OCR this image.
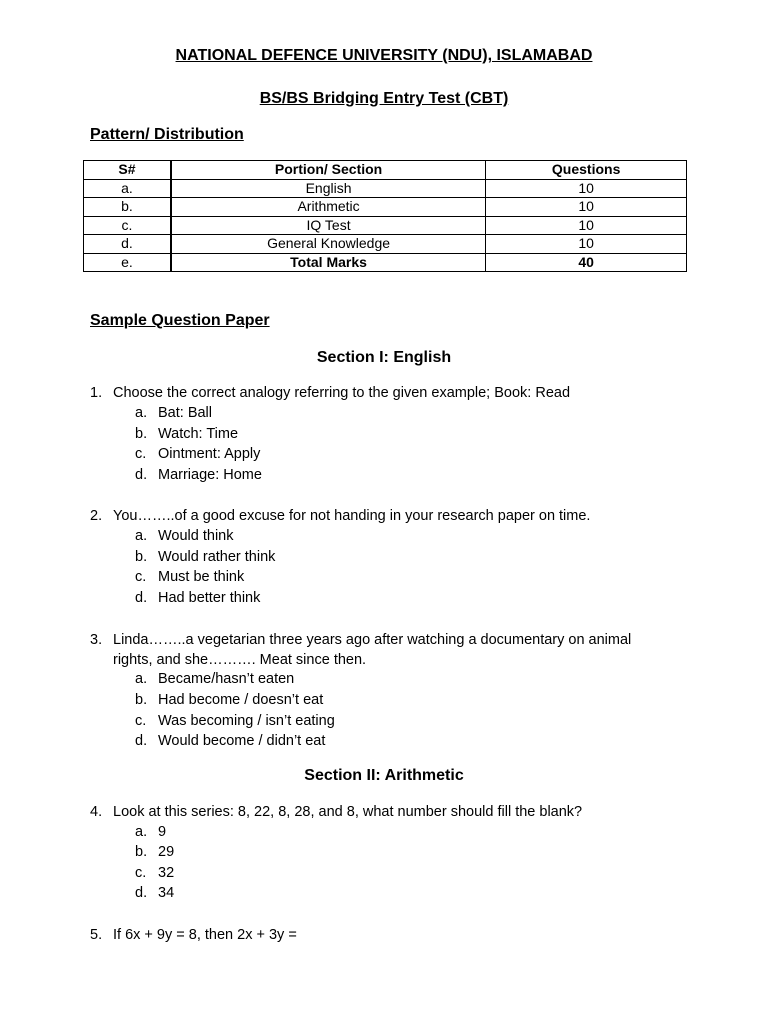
NATIONAL DEFENCE UNIVERSITY (NDU), ISLAMABAD
BS/BS Bridging Entry Test (CBT)
Pattern/ Distribution
S#	Portion/ Section	Questions
a.	English	10
b.	Arithmetic	10
c.	IQ Test	10
d.	General Knowledge	10
e.	Total Marks	40
Sample Question Paper
Section I: English
1. Choose the correct analogy referring to the given example; Book: Read
a. Bat: Ball
b. Watch: Time
c. Ointment: Apply
d. Marriage: Home
2. You……..of a good excuse for not handing in your research paper on time.
a. Would think
b. Would rather think
c. Must be think
d. Had better think
3. Linda……..a vegetarian three years ago after watching a documentary on animal
rights, and she………. Meat since then.
a. Became/hasn’t eaten
b. Had become / doesn’t eat
c. Was becoming / isn’t eating
d. Would become / didn’t eat
Section II: Arithmetic
4. Look at this series: 8, 22, 8, 28, and 8, what number should fill the blank?
a. 9
b. 29
c. 32
d. 34
5. If 6x + 9y = 8, then 2x + 3y =
